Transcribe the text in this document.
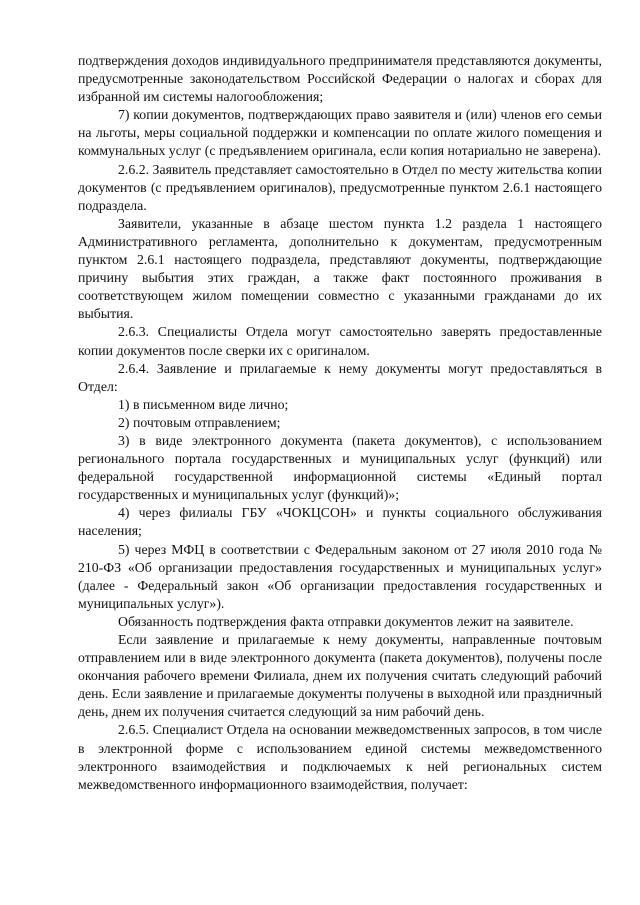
подтверждения доходов индивидуального предпринимателя представляются документы, предусмотренные законодательством Российской Федерации о налогах и сборах для избранной им системы налогообложения;

7) копии документов, подтверждающих право заявителя и (или) членов его семьи на льготы, меры социальной поддержки и компенсации по оплате жилого помещения и коммунальных услуг (с предъявлением оригинала, если копия нотариально не заверена).

2.6.2. Заявитель представляет самостоятельно в Отдел по месту жительства копии документов (с предъявлением оригиналов), предусмотренные пунктом 2.6.1 настоящего подраздела.

Заявители, указанные в абзаце шестом пункта 1.2 раздела 1 настоящего Административного регламента, дополнительно к документам, предусмотренным пунктом 2.6.1 настоящего подраздела, представляют документы, подтверждающие причину выбытия этих граждан, а также факт постоянного проживания в соответствующем жилом помещении совместно с указанными гражданами до их выбытия.

2.6.3. Специалисты Отдела могут самостоятельно заверять предоставленные копии документов после сверки их с оригиналом.

2.6.4. Заявление и прилагаемые к нему документы могут предоставляться в Отдел:

1) в письменном виде лично;

2) почтовым отправлением;

3) в виде электронного документа (пакета документов), с использованием регионального портала государственных и муниципальных услуг (функций) или федеральной государственной информационной системы «Единый портал государственных и муниципальных услуг (функций)»;

4) через филиалы ГБУ «ЧОКЦСОН» и пункты социального обслуживания населения;

5) через МФЦ в соответствии с Федеральным законом от 27 июля 2010 года № 210-ФЗ «Об организации предоставления государственных и муниципальных услуг» (далее - Федеральный закон «Об организации предоставления государственных и муниципальных услуг»).

Обязанность подтверждения факта отправки документов лежит на заявителе.

Если заявление и прилагаемые к нему документы, направленные почтовым отправлением или в виде электронного документа (пакета документов), получены после окончания рабочего времени Филиала, днем их получения считать следующий рабочий день. Если заявление и прилагаемые документы получены в выходной или праздничный день, днем их получения считается следующий за ним рабочий день.

2.6.5. Специалист Отдела на основании межведомственных запросов, в том числе в электронной форме с использованием единой системы межведомственного электронного взаимодействия и подключаемых к ней региональных систем межведомственного информационного взаимодействия, получает:
